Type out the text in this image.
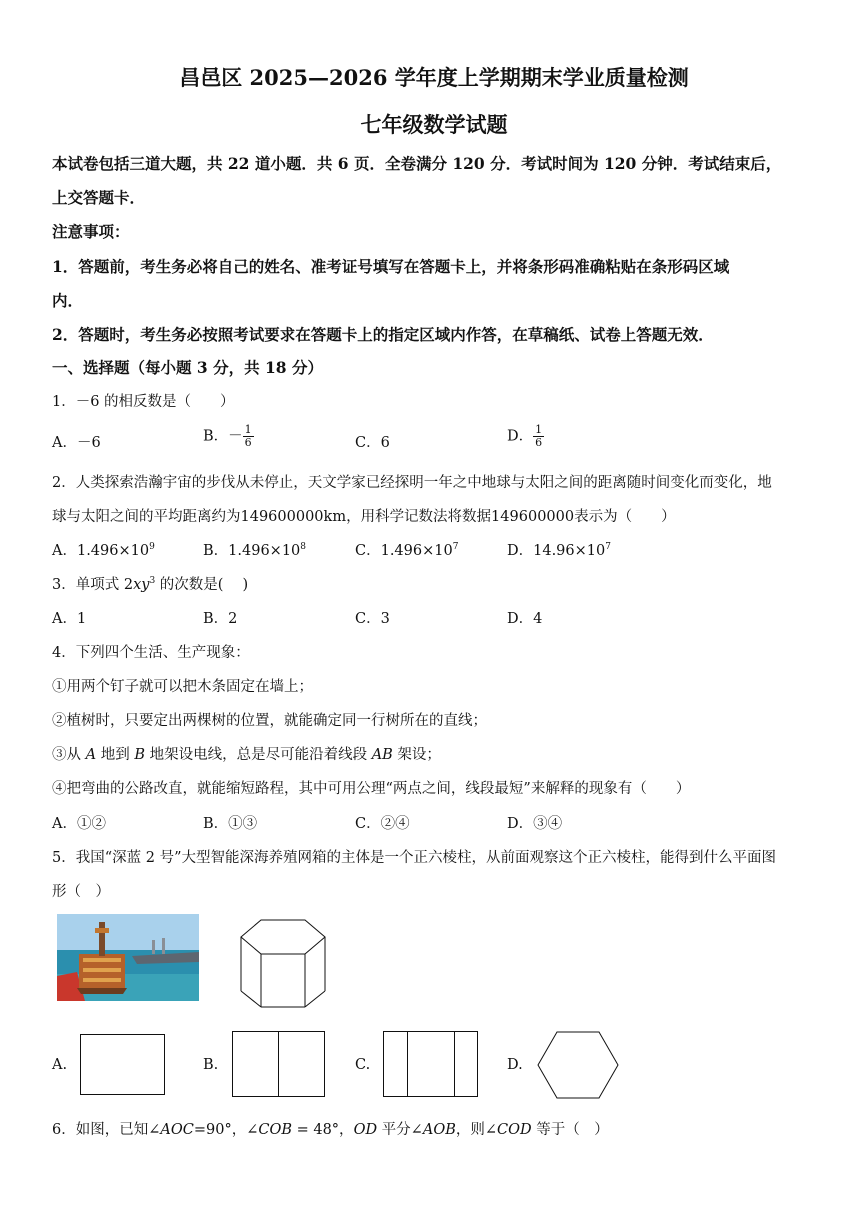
昌邑区 2025—2026 学年度上学期期末学业质量检测
七年级数学试题
本试卷包括三道大题，共 22 道小题．共 6 页．全卷满分 120 分．考试时间为 120 分钟．考试结束后，
上交答题卡．
注意事项：
1．答题前，考生务必将自己的姓名、准考证号填写在答题卡上，并将条形码准确粘贴在条形码区域
内．
2．答题时，考生务必按照考试要求在答题卡上的指定区域内作答，在草稿纸、试卷上答题无效．
一、选择题（每小题 3 分，共 18 分）
1．－6 的相反数是（　　）
A．－6	B．－ $\frac{1}{6}$	C．6	D． $\frac{1}{6}$
2．人类探索浩瀚宇宙的步伐从未停止，天文学家已经探明一年之中地球与太阳之间的距离随时间变化而变化，地
球与太阳之间的平均距离约为149600000km，用科学记数法将数据149600000表示为（　　）
A．$1.496\times 10^9$	B．$1.496\times 10^8$	C．$1.496\times 10^7$	D．$14.96\times 10^7$
3．单项式 $2xy^3$ 的次数是(　 )
A．1	B．2	C．3	D．4
4．下列四个生活、生产现象：
①用两个钉子就可以把木条固定在墙上；
②植树时，只要定出两棵树的位置，就能确定同一行树所在的直线；
③从 A 地到 B 地架设电线，总是尽可能沿着线段 AB 架设；
④把弯曲的公路改直，就能缩短路程，其中可用公理“两点之间，线段最短”来解释的现象有（　　）
A．①②	B．①③	C．②④	D．③④
5．我国“深蓝 2 号”大型智能深海养殖网箱的主体是一个正六棱柱，从前面观察这个正六棱柱，能得到什么平面图
形（　）
A.	B.	C.	D.
6．如图，已知∠AOC=90°，∠COB = 48°，OD 平分∠AOB，则∠COD 等于（　）
